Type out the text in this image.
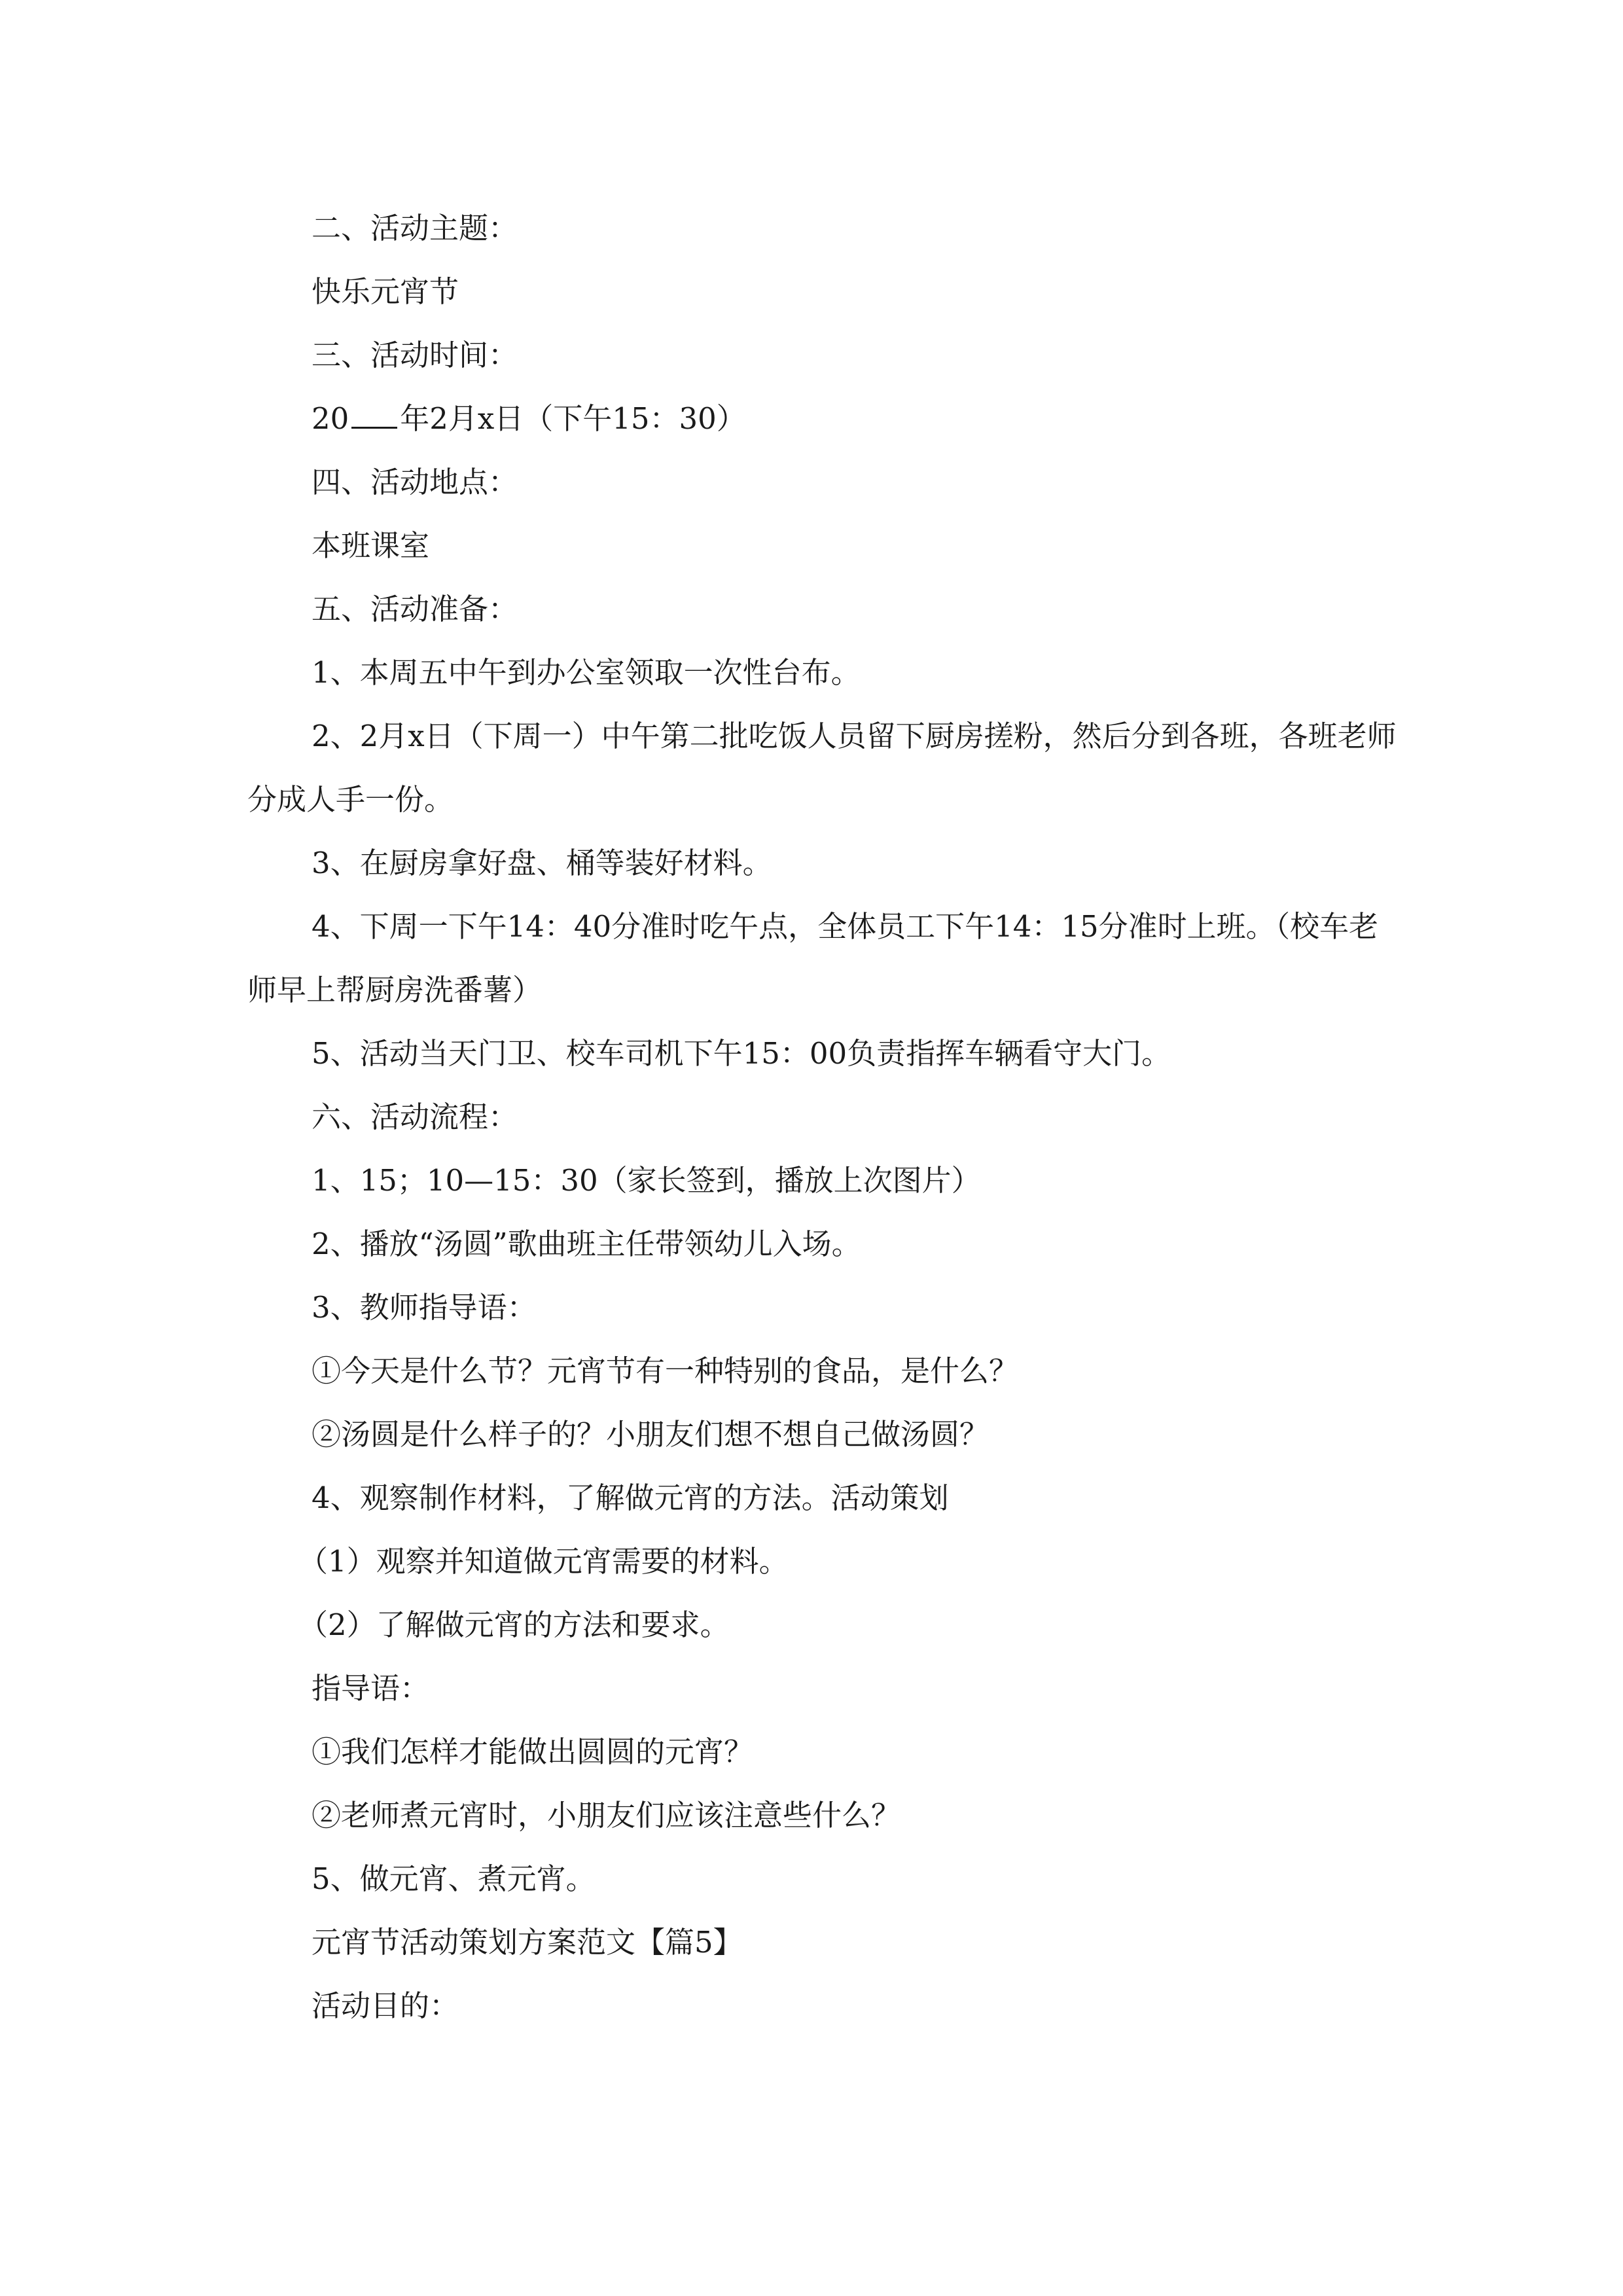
二、活动主题：

快乐元宵节

三、活动时间：

20 年2月x日（下午15：30）

四、活动地点：

本班课室

五、活动准备：

1、本周五中午到办公室领取一次性台布。

2、2月x日（下周一）中午第二批吃饭人员留下厨房搓粉，然后分到各班，各班老师分成人手一份。

3、在厨房拿好盘、桶等装好材料。

4、下周一下午14：40分准时吃午点，全体员工下午14：15分准时上班。（校车老师早上帮厨房洗番薯）

5、活动当天门卫、校车司机下午15：00负责指挥车辆看守大门。

六、活动流程：

1、15；10—15：30（家长签到，播放上次图片）

2、播放“汤圆”歌曲班主任带领幼儿入场。

3、教师指导语：

①今天是什么节？元宵节有一种特别的食品，是什么？

②汤圆是什么样子的？小朋友们想不想自己做汤圆？

4、观察制作材料，了解做元宵的方法。活动策划

（1）观察并知道做元宵需要的材料。

（2）了解做元宵的方法和要求。

指导语：

①我们怎样才能做出圆圆的元宵？

②老师煮元宵时，小朋友们应该注意些什么？

5、做元宵、煮元宵。

元宵节活动策划方案范文【篇5】

活动目的：
